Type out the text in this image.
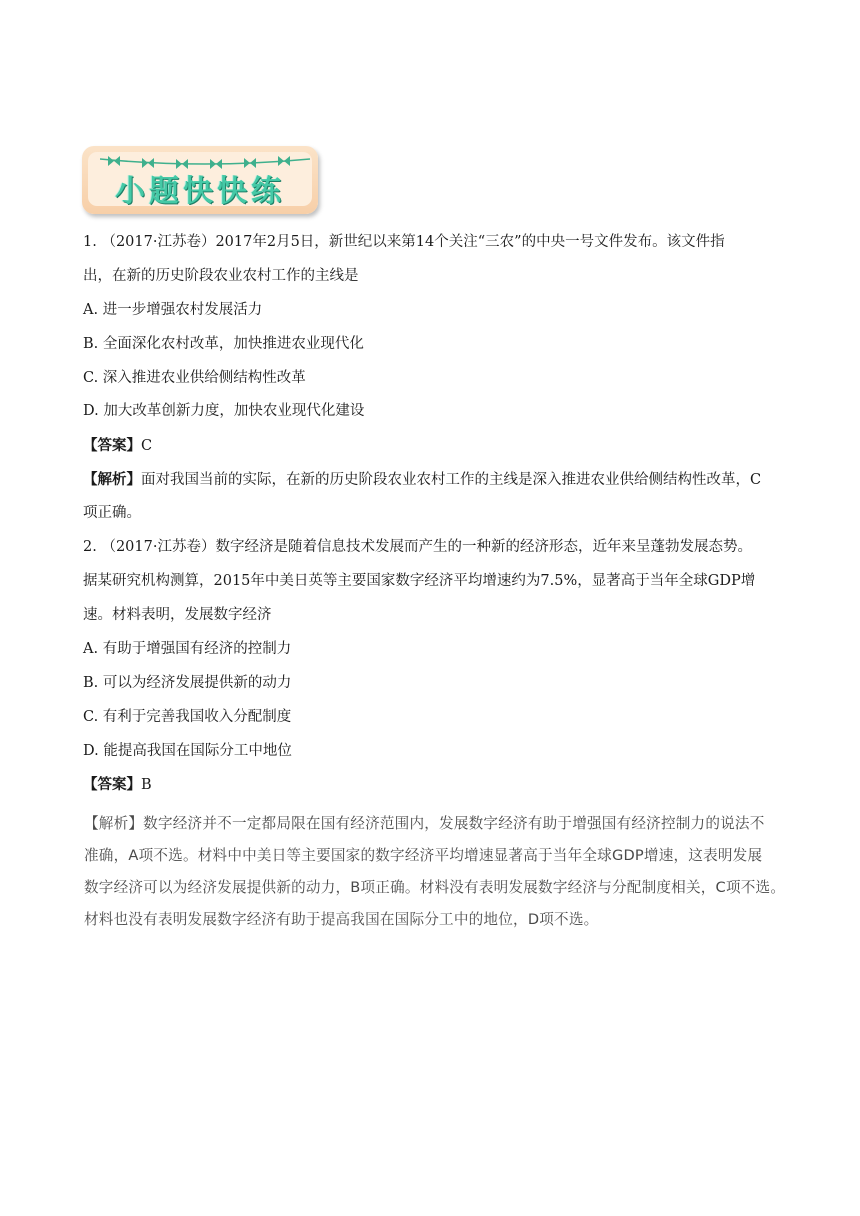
小题快快练
1. （2017·江苏卷）2017年2月5日，新世纪以来第14个关注“三农”的中央一号文件发布。该文件指
出，在新的历史阶段农业农村工作的主线是
A. 进一步增强农村发展活力
B. 全面深化农村改革，加快推进农业现代化
C. 深入推进农业供给侧结构性改革
D. 加大改革创新力度，加快农业现代化建设
【答案】C
【解析】面对我国当前的实际，在新的历史阶段农业农村工作的主线是深入推进农业供给侧结构性改革，C
项正确。
2. （2017·江苏卷）数字经济是随着信息技术发展而产生的一种新的经济形态，近年来呈蓬勃发展态势。
据某研究机构测算，2015年中美日英等主要国家数字经济平均增速约为7.5%，显著高于当年全球GDP增
速。材料表明，发展数字经济
A. 有助于增强国有经济的控制力
B. 可以为经济发展提供新的动力
C. 有利于完善我国收入分配制度
D. 能提高我国在国际分工中地位
【答案】B
【解析】数字经济并不一定都局限在国有经济范围内，发展数字经济有助于增强国有经济控制力的说法不
准确，A项不选。材料中中美日等主要国家的数字经济平均增速显著高于当年全球GDP增速，这表明发展
数字经济可以为经济发展提供新的动力，B项正确。材料没有表明发展数字经济与分配制度相关，C项不选。
材料也没有表明发展数字经济有助于提高我国在国际分工中的地位，D项不选。
